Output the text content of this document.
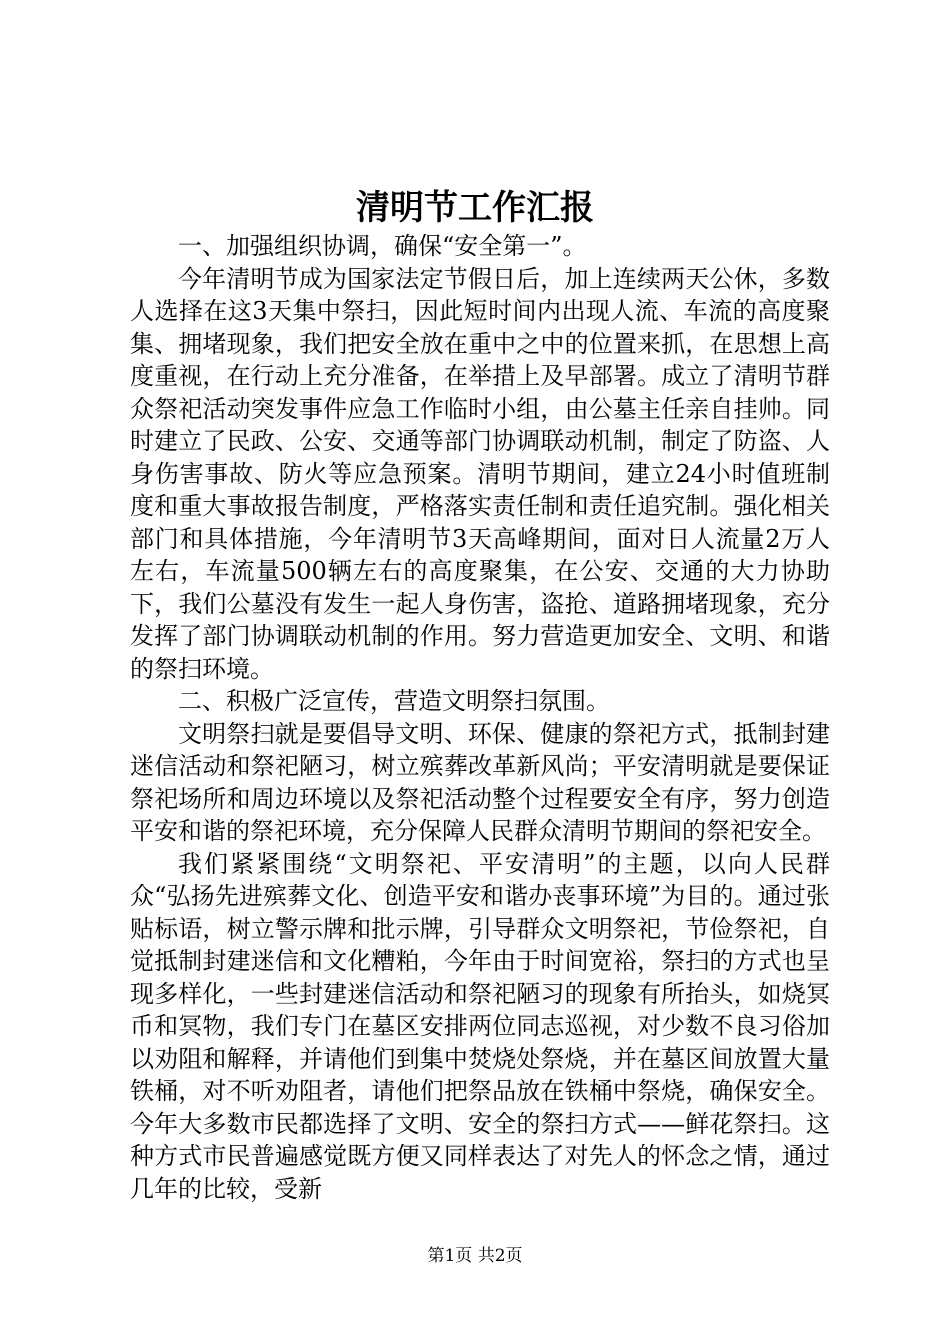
清明节工作汇报

一、加强组织协调，确保“安全第一”。

今年清明节成为国家法定节假日后，加上连续两天公休，多数人选择在这3天集中祭扫，因此短时间内出现人流、车流的高度聚集、拥堵现象，我们把安全放在重中之中的位置来抓，在思想上高度重视，在行动上充分准备，在举措上及早部署。成立了清明节群众祭祀活动突发事件应急工作临时小组，由公墓主任亲自挂帅。同时建立了民政、公安、交通等部门协调联动机制，制定了防盗、人身伤害事故、防火等应急预案。清明节期间，建立24小时值班制度和重大事故报告制度，严格落实责任制和责任追究制。强化相关部门和具体措施，今年清明节3天高峰期间，面对日人流量2万人左右，车流量500辆左右的高度聚集，在公安、交通的大力协助下，我们公墓没有发生一起人身伤害，盗抢、道路拥堵现象，充分发挥了部门协调联动机制的作用。努力营造更加安全、文明、和谐的祭扫环境。

二、积极广泛宣传，营造文明祭扫氛围。

文明祭扫就是要倡导文明、环保、健康的祭祀方式，抵制封建迷信活动和祭祀陋习，树立殡葬改革新风尚；平安清明就是要保证祭祀场所和周边环境以及祭祀活动整个过程要安全有序，努力创造平安和谐的祭祀环境，充分保障人民群众清明节期间的祭祀安全。

我们紧紧围绕“文明祭祀、平安清明”的主题，以向人民群众“弘扬先进殡葬文化、创造平安和谐办丧事环境”为目的。通过张贴标语，树立警示牌和批示牌，引导群众文明祭祀，节俭祭祀，自觉抵制封建迷信和文化糟粕，今年由于时间宽裕，祭扫的方式也呈现多样化，一些封建迷信活动和祭祀陋习的现象有所抬头，如烧冥币和冥物，我们专门在墓区安排两位同志巡视，对少数不良习俗加以劝阻和解释，并请他们到集中焚烧处祭烧，并在墓区间放置大量铁桶，对不听劝阻者，请他们把祭品放在铁桶中祭烧，确保安全。今年大多数市民都选择了文明、安全的祭扫方式——鲜花祭扫。这种方式市民普遍感觉既方便又同样表达了对先人的怀念之情，通过几年的比较，受新

第1页 共2页
